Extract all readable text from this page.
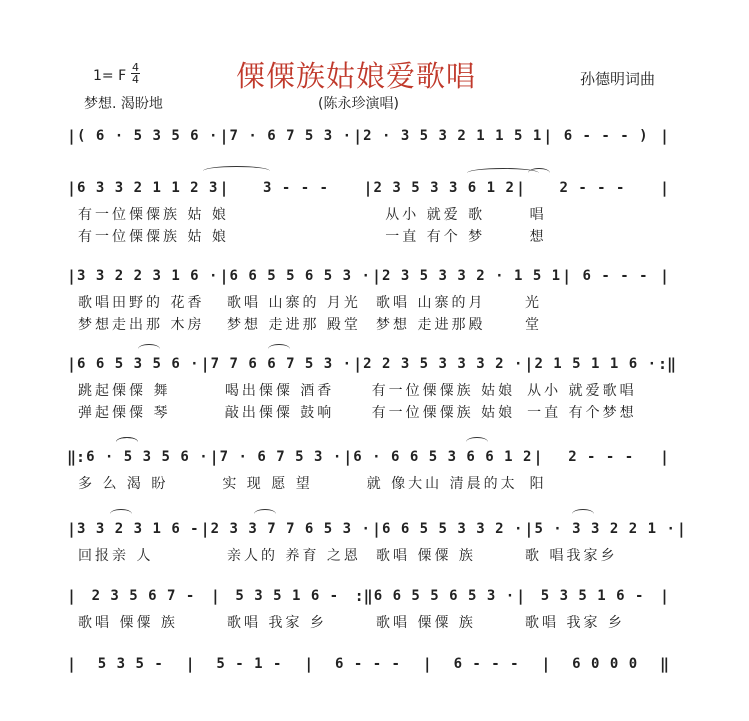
傈傈族姑娘爱歌唱	孙德明词曲
1= F
4
4
梦想. 渴盼地	(陈永珍演唱)
| ( 6 · 5 3 5 6 · | 7 · 6 7 5 3 · | 2 · 3 5 3 2 1 1 5 1 | 6 - - - ) |
| 6 3 3 2 1 1 2 3 |	3 - - -	| 2 3 5 3 3 6 1 2 |	2 - - -	|
有一位傈僳族 姑 娘	从小 就爱 歌	唱
有一位傈僳族 姑 娘	一直 有个 梦	想
| 3 3 2 2 3 1 6 · | 6 6 5 5 6 5 3 · | 2 3 5 3 3 2 · 1 5 1 | 6 - - - |
歌唱田野的 花香	歌唱 山寨的 月光 歌唱 山寨的月	光
梦想走出那 木房	梦想 走进那 殿堂 梦想 走进那殿	堂
| 6 6 5 3 5 6 · | 7 7 6 6 7 5 3 · | 2 2 3 5 3 3 3 2 · | 2 1 5 1 1 6 · :‖
跳起傈僳 舞	喝出傈僳 酒香	有一位傈僳族 姑娘 从小 就爱歌唱
弹起傈僳 琴	敲出傈僳 鼓响	有一位傈僳族 姑娘 一直 有个梦想
‖: 6 · 5 3 5 6 · | 7 · 6 7 5 3 · | 6 · 6 6 5 3 6 6 1 2 |	2 - - -	|
多 么 渴 盼	实 现 愿 望	就 像大山 清晨的太 阳
| 3 3 2 3 1 6 - | 2 3 3 7 7 6 5 3 · | 6 6 5 5 3 3 2 · | 5 · 3 3 2 2 1 · |
回报亲 人	亲人的 养育 之恩 歌唱 傈僳 族	歌 唱我家乡
|	2 3 5 6 7 -	|	5 3 5 1 6 -	:‖ 6 6 5 5 6 5 3 · |	5 3 5 1 6 -	|
歌唱 傈僳 族	歌唱 我家 乡	歌唱 傈僳 族	歌唱 我家 乡
|	5 3 5 -	|	5 - 1 -	|	6 - - -	|	6 - - -	|	6 0 0 0	‖
